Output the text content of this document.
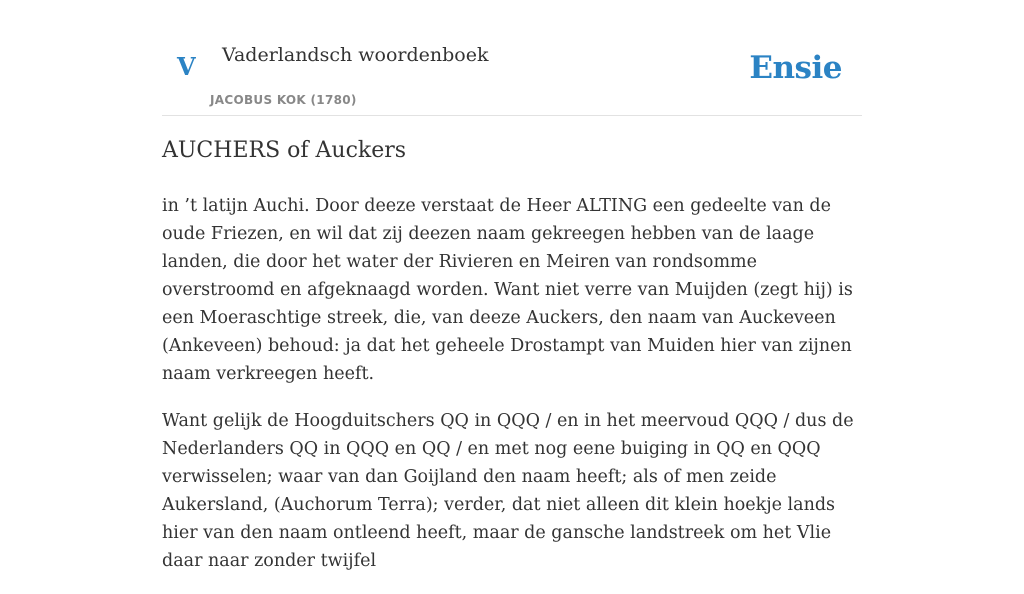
V Vaderlandsch woordenboek
JACOBUS KOK (1780)
Ensie
AUCHERS of Auckers

in ’t latijn Auchi. Door deeze verstaat de Heer ALTING een gedeelte van de oude Friezen, en wil dat zij deezen naam gekreegen hebben van de laage landen, die door het water der Rivieren en Meiren van rondsomme overstroomd en afgeknaagd worden. Want niet verre van Muijden (zegt hij) is een Moeraschtige streek, die, van deeze Auckers, den naam van Auckeveen (Ankeveen) behoud: ja dat het geheele Drostampt van Muiden hier van zijnen naam verkreegen heeft.

Want gelijk de Hoogduitschers QQ in QQQ / en in het meervoud QQQ / dus de Nederlanders QQ in QQQ en QQ / en met nog eene buiging in QQ en QQQ verwisselen; waar van dan Goijland den naam heeft; als of men zeide Aukersland, (Auchorum Terra); verder, dat niet alleen dit klein hoekje lands hier van den naam ontleend heeft, maar de gansche landstreek om het Vlie daar naar zonder twijfel
